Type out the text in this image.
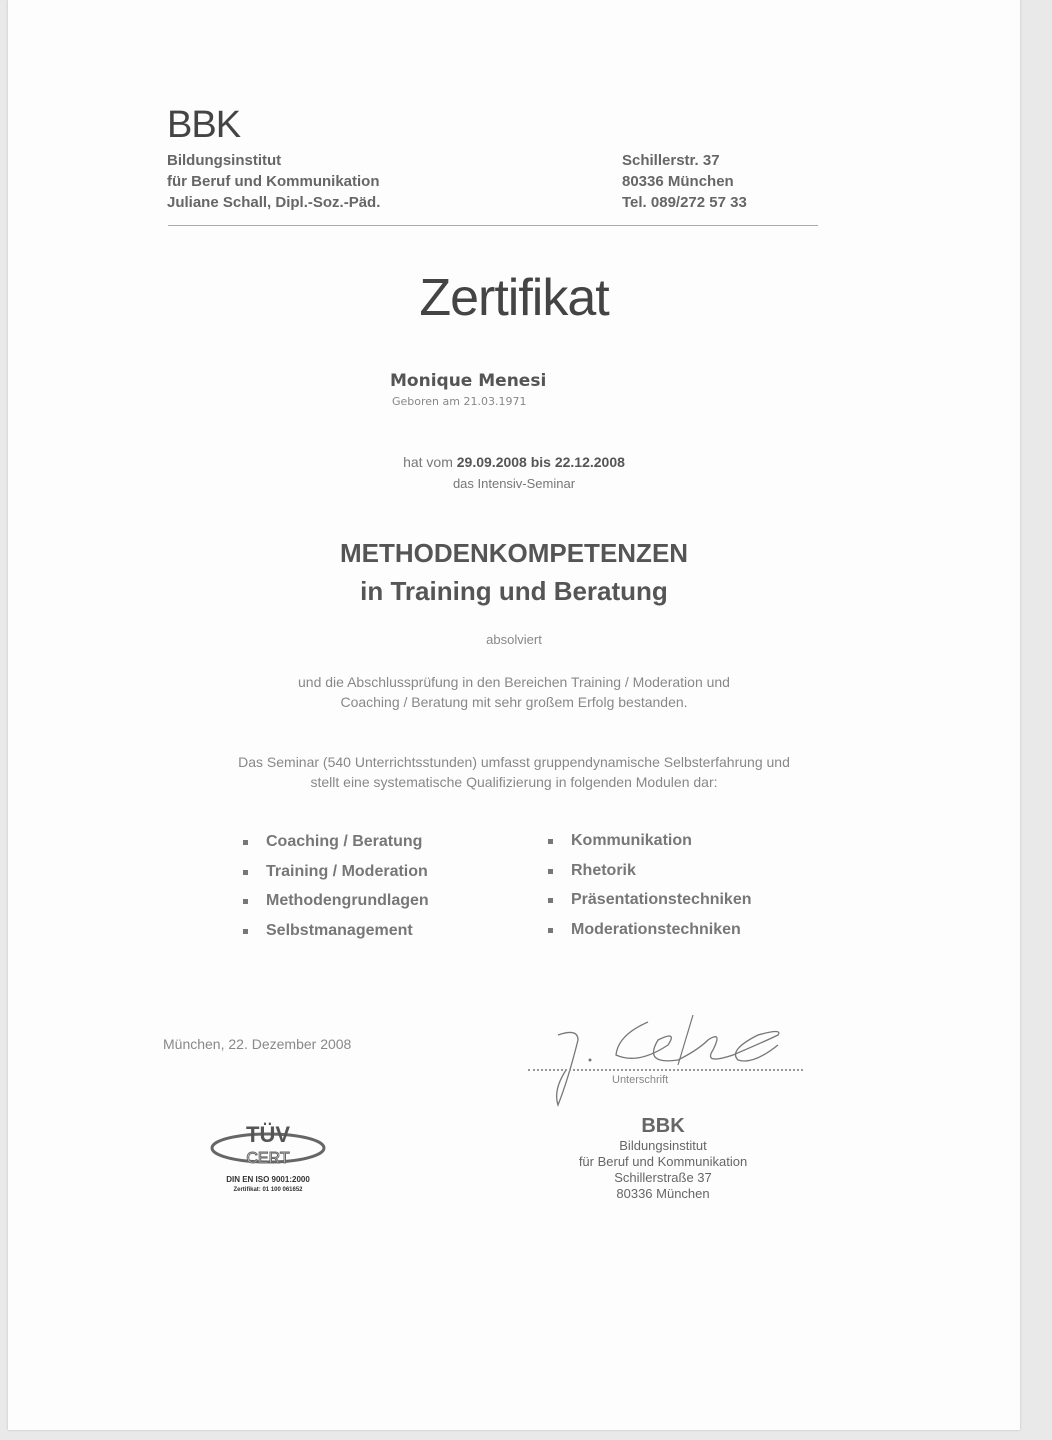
BBK
Bildungsinstitut
für Beruf und Kommunikation
Juliane Schall, Dipl.-Soz.-Päd.
Schillerstr. 37
80336 München
Tel. 089/272 57 33
Zertifikat
Monique Menesi
Geboren am 21.03.1971
hat vom 29.09.2008 bis 22.12.2008
das Intensiv-Seminar
METHODENKOMPETENZEN
in Training und Beratung
absolviert
und die Abschlussprüfung in den Bereichen Training / Moderation und
Coaching / Beratung mit sehr großem Erfolg bestanden.
Das Seminar (540 Unterrichtsstunden) umfasst gruppendynamische Selbsterfahrung und
stellt eine systematische Qualifizierung in folgenden Modulen dar:
Coaching / Beratung
Training / Moderation
Methodengrundlagen
Selbstmanagement
Kommunikation
Rhetorik
Präsentationstechniken
Moderationstechniken
München, 22. Dezember 2008
Unterschrift
TÜV
CERT
DIN EN ISO 9001:2000
Zertifikat: 01 100 061652
BBK
Bildungsinstitut
für Beruf und Kommunikation
Schillerstraße 37
80336 München
